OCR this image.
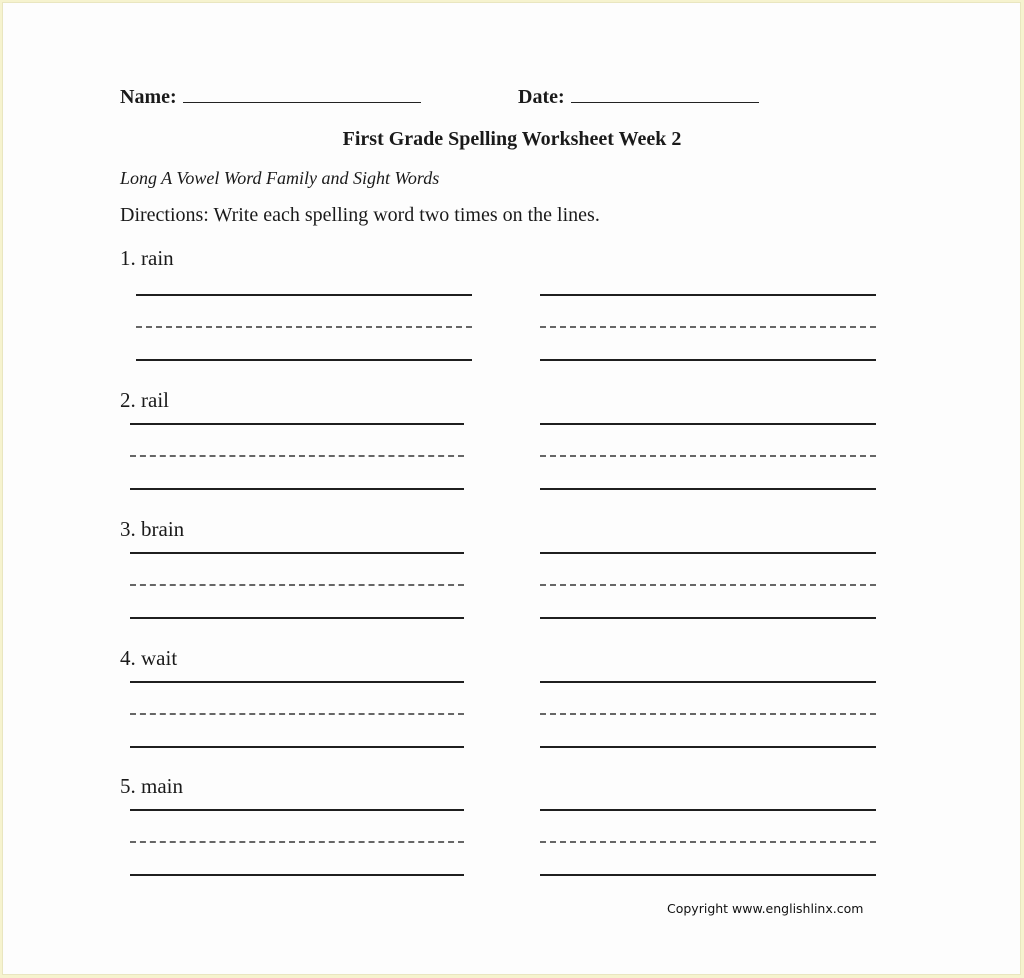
Name:	Date:
First Grade Spelling Worksheet Week 2
Long A Vowel Word Family and Sight Words
Directions: Write each spelling word two times on the lines.
1. rain
2. rail
3. brain
4. wait
5. main
Copyright www.englishlinx.com
